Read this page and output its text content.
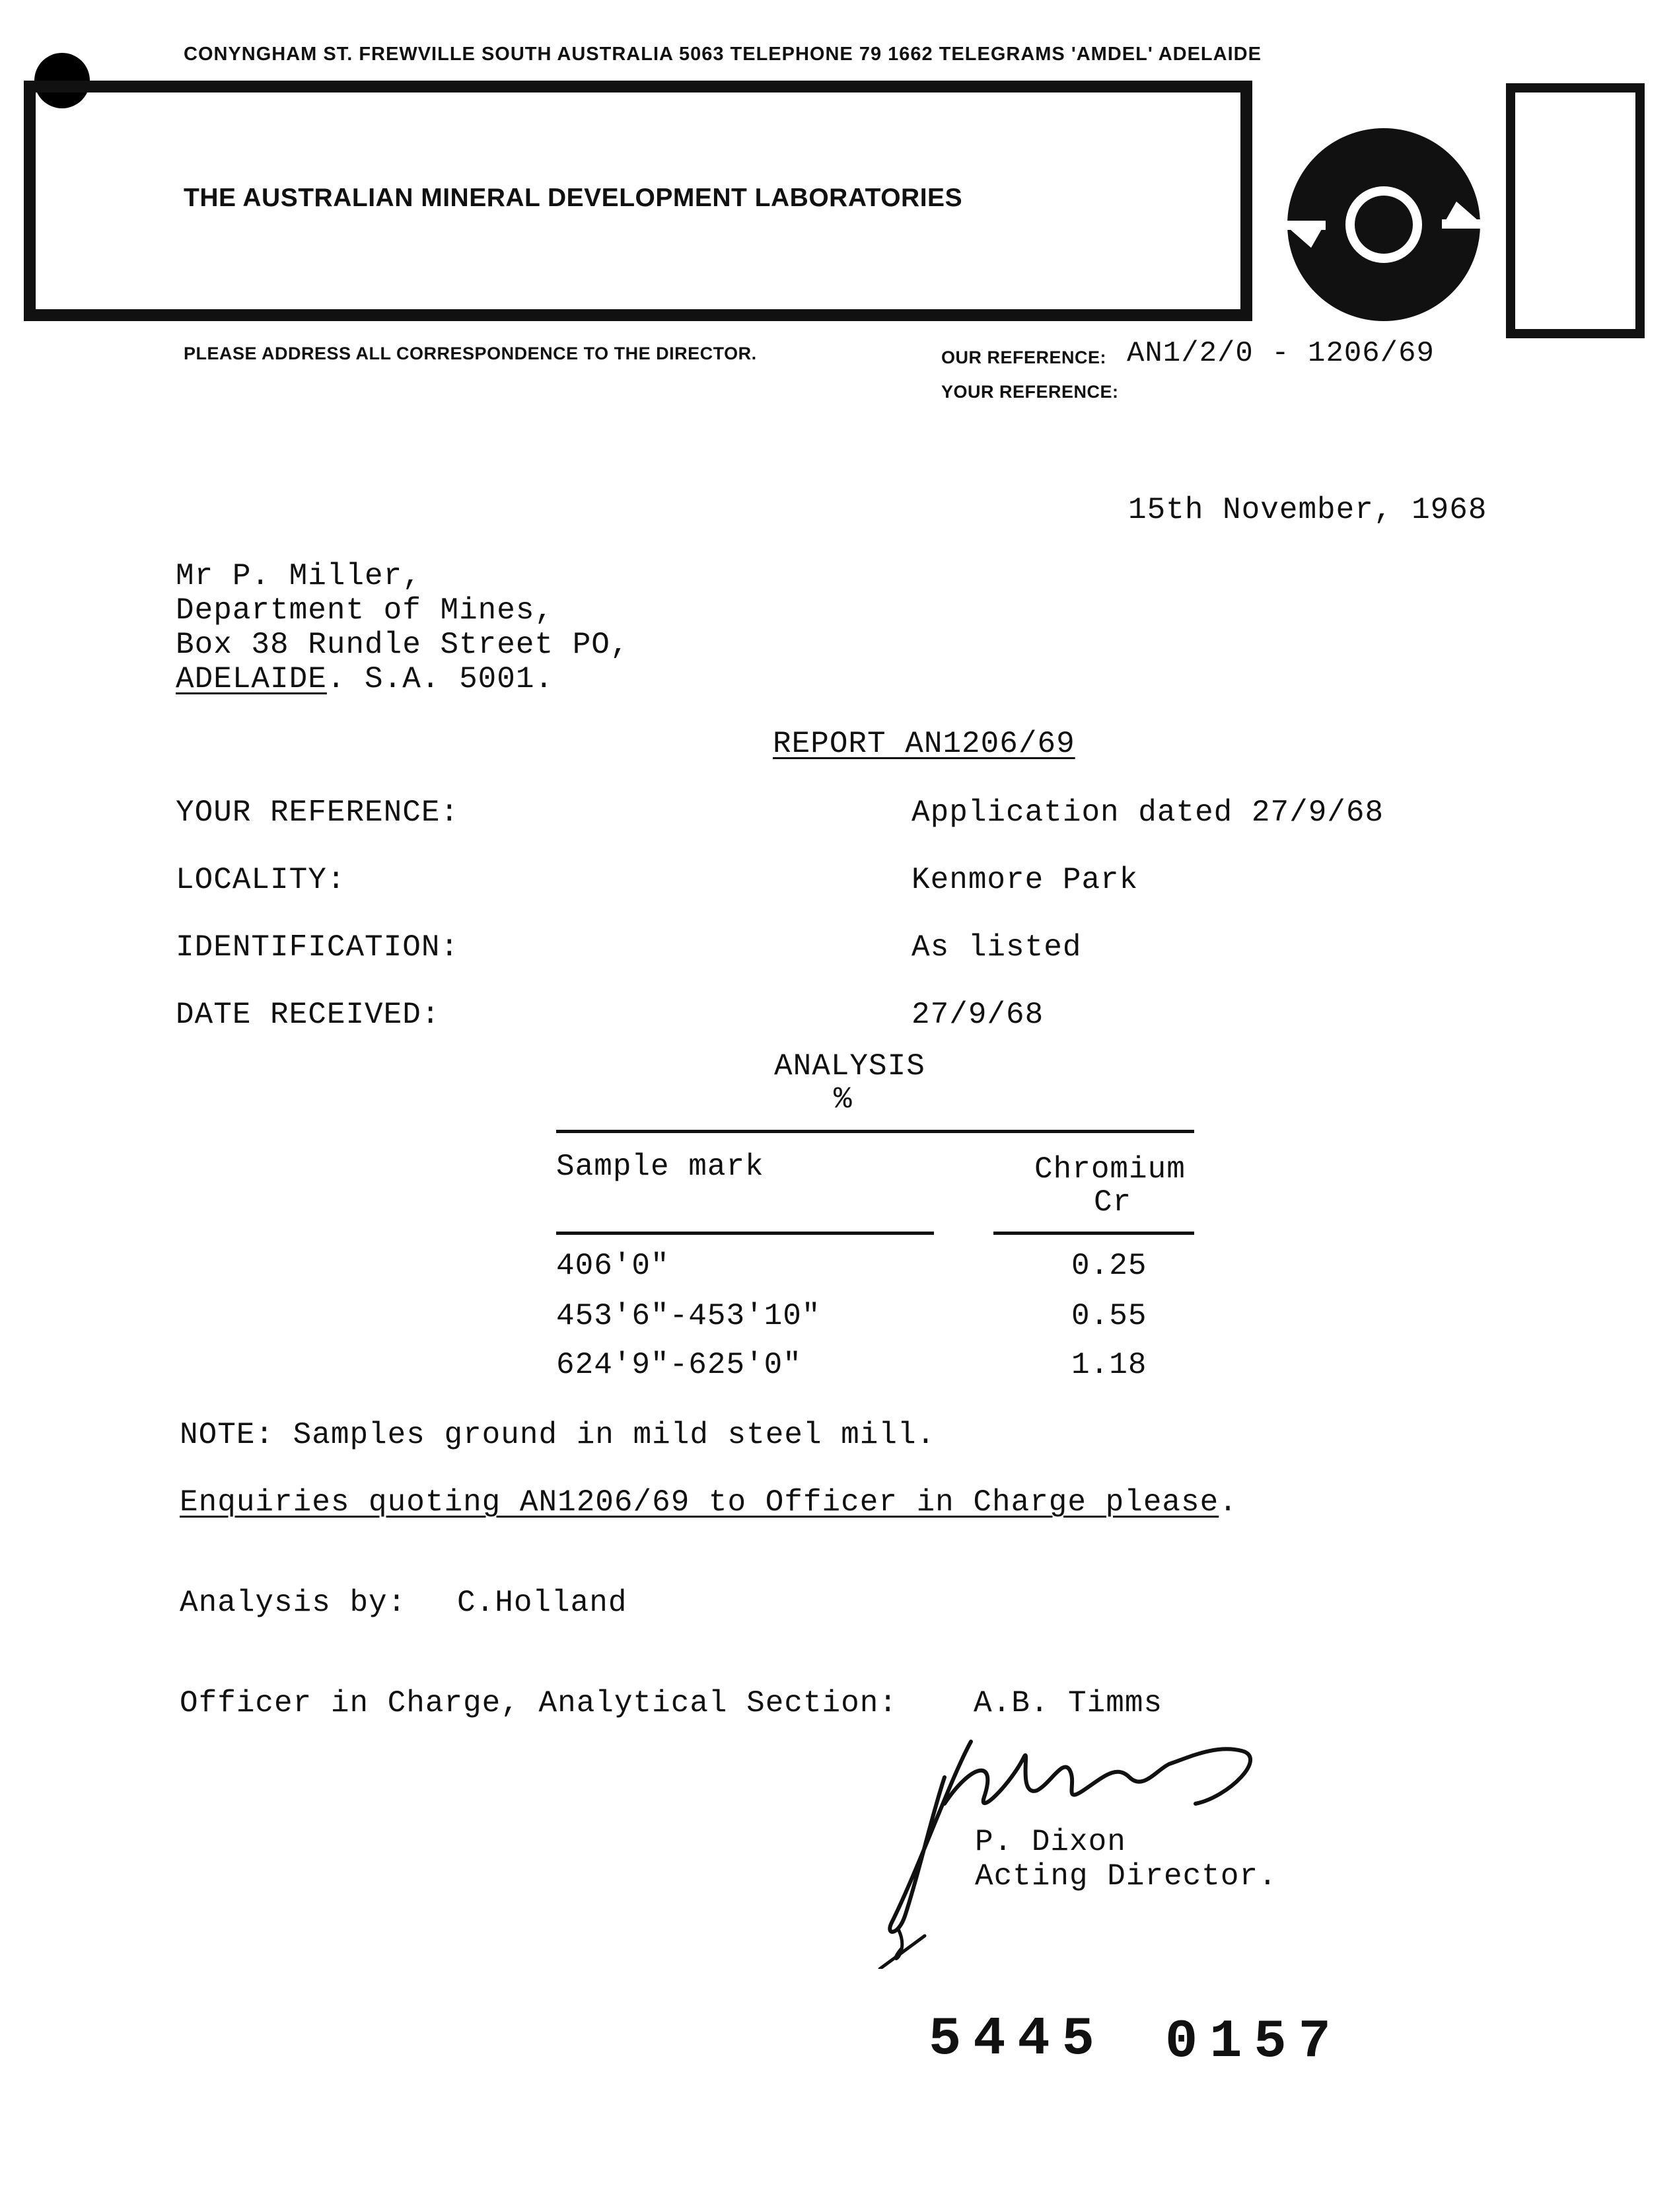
CONYNGHAM ST. FREWVILLE SOUTH AUSTRALIA 5063 TELEPHONE 79 1662 TELEGRAMS 'AMDEL' ADELAIDE
THE AUSTRALIAN MINERAL DEVELOPMENT LABORATORIES
PLEASE ADDRESS ALL CORRESPONDENCE TO THE DIRECTOR.	OUR REFERENCE: AN1/2/0 - 1206/69
YOUR REFERENCE:
15th November, 1968
Mr P. Miller,
Department of Mines,
Box 38 Rundle Street PO,
ADELAIDE. S.A. 5001.
REPORT AN1206/69
YOUR REFERENCE:	Application dated 27/9/68
LOCALITY:	Kenmore Park
IDENTIFICATION:	As listed
DATE RECEIVED:	27/9/68
ANALYSIS
%
Sample mark	Chromium
Cr
406'0"	0.25
453'6"-453'10"	0.55
624'9"-625'0"	1.18
NOTE: Samples ground in mild steel mill.
Enquiries quoting AN1206/69 to Officer in Charge please.
Analysis by: C.Holland
Officer in Charge, Analytical Section:	A.B. Timms
P. Dixon
Acting Director.
5445 0157
